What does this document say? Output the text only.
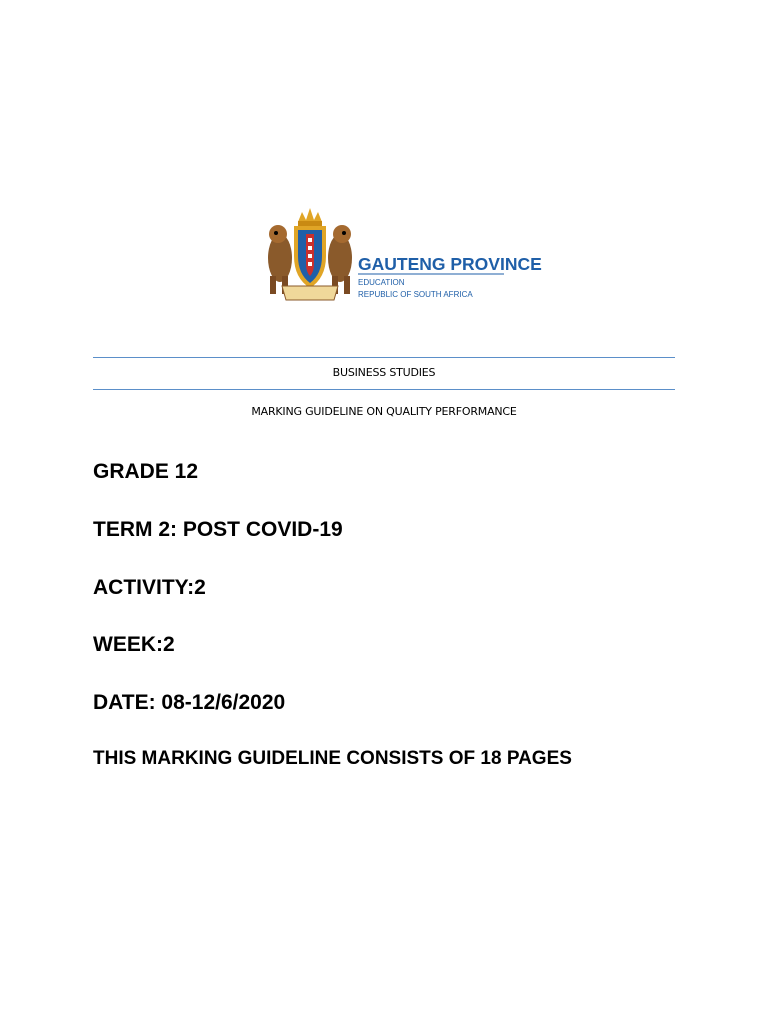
GAUTENG PROVINCE
EDUCATION
REPUBLIC OF SOUTH AFRICA
BUSINESS STUDIES
MARKING GUIDELINE ON QUALITY PERFORMANCE
GRADE 12
TERM 2: POST COVID-19
ACTIVITY:2
WEEK:2
DATE: 08-12/6/2020
THIS MARKING GUIDELINE CONSISTS OF 18 PAGES
